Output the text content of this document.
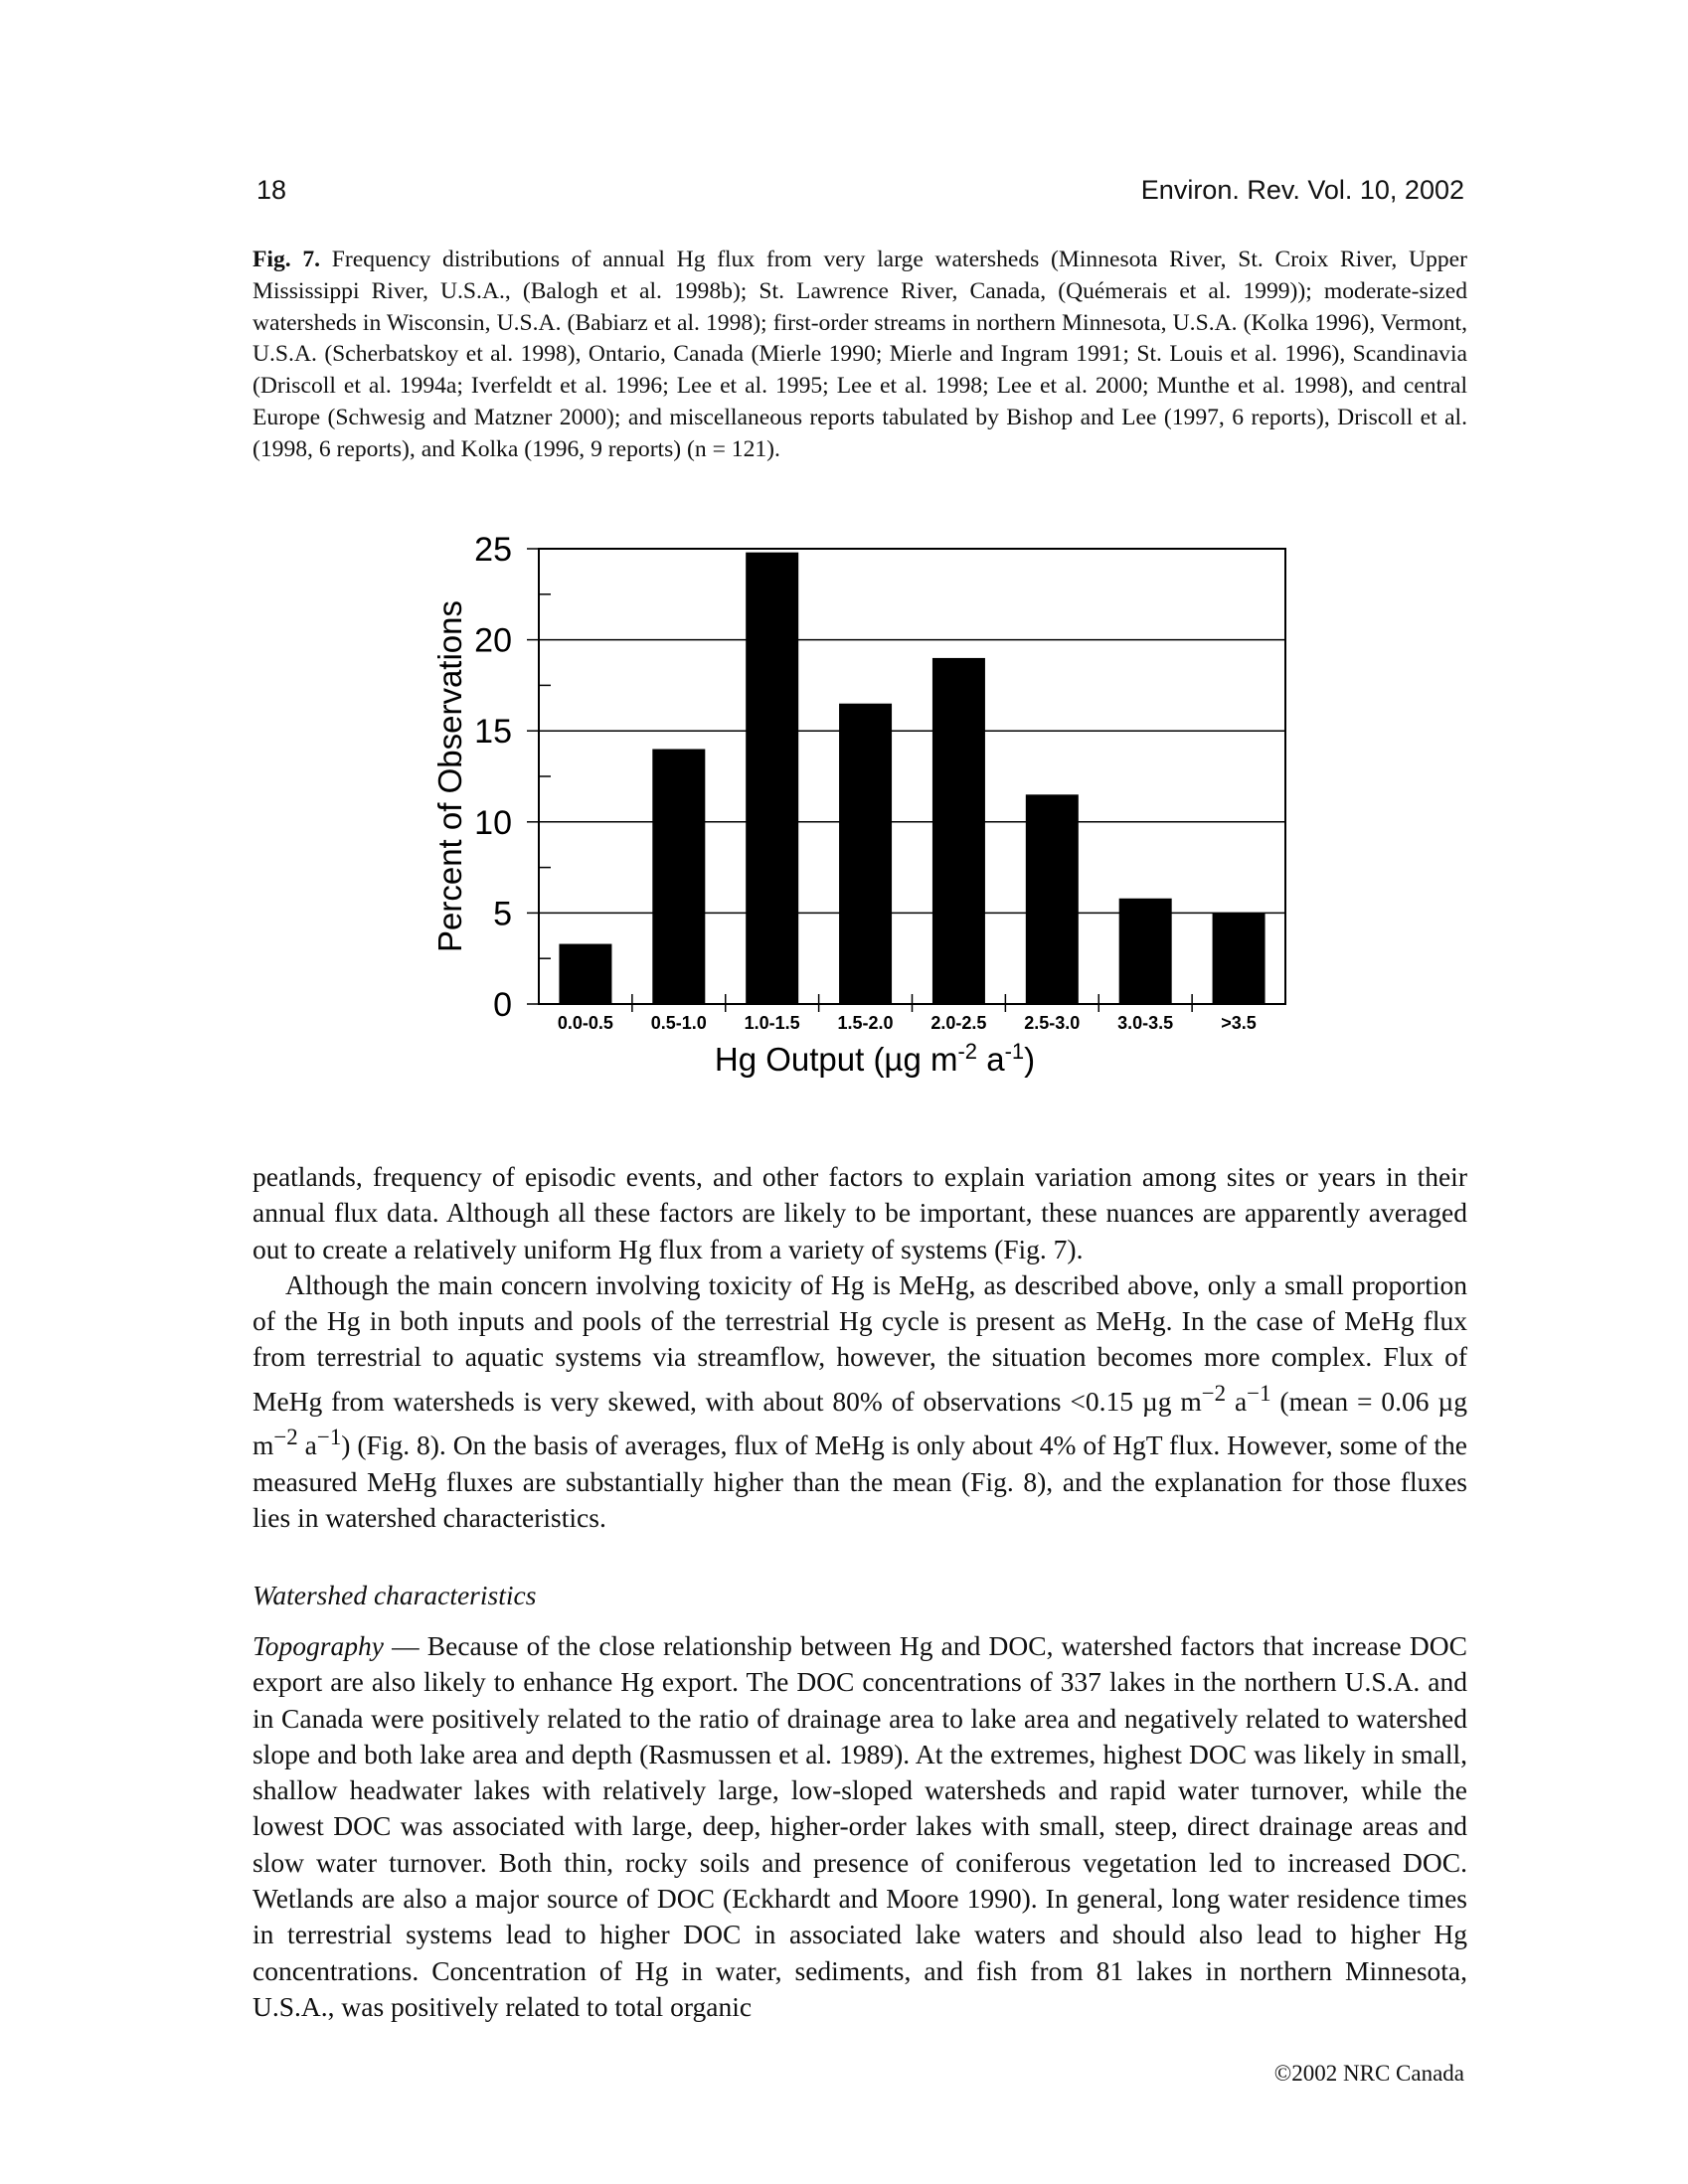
18	Environ. Rev. Vol. 10, 2002
Fig. 7. Frequency distributions of annual Hg flux from very large watersheds (Minnesota River, St. Croix River, Upper Mississippi River, U.S.A., (Balogh et al. 1998b); St. Lawrence River, Canada, (Quémerais et al. 1999)); moderate-sized watersheds in Wisconsin, U.S.A. (Babiarz et al. 1998); first-order streams in northern Minnesota, U.S.A. (Kolka 1996), Vermont, U.S.A. (Scherbatskoy et al. 1998), Ontario, Canada (Mierle 1990; Mierle and Ingram 1991; St. Louis et al. 1996), Scandinavia (Driscoll et al. 1994a; Iverfeldt et al. 1996; Lee et al. 1995; Lee et al. 1998; Lee et al. 2000; Munthe et al. 1998), and central Europe (Schwesig and Matzner 2000); and miscellaneous reports tabulated by Bishop and Lee (1997, 6 reports), Driscoll et al. (1998, 6 reports), and Kolka (1996, 9 reports) (n = 121).
0
5
10
15
20
25
0.0-0.5 0.5-1.0 1.0-1.5 1.5-2.0 2.0-2.5 2.5-3.0 3.0-3.5	>3.5
Percent of Observations
Hg Output (µg $m^{-2}$ $a^{-1}$)

peatlands, frequency of episodic events, and other factors to explain variation among sites or years in their annual flux data. Although all these factors are likely to be important, these nuances are apparently averaged out to create a relatively uniform Hg flux from a variety of systems (Fig. 7).

Although the main concern involving toxicity of Hg is MeHg, as described above, only a small proportion of the Hg in both inputs and pools of the terrestrial Hg cycle is present as MeHg. In the case of MeHg flux from terrestrial to aquatic systems via streamflow, however, the situation becomes more complex. Flux of MeHg from watersheds is very skewed, with about 80% of observations <0.15 µg $m^{-2}$ $a^{-1}$ (mean = 0.06 µg $m^{-2}$ $a^{-1}$) (Fig. 8). On the basis of averages, flux of MeHg is only about 4% of HgT flux. However, some of the measured MeHg fluxes are substantially higher than the mean (Fig. 8), and the explanation for those fluxes lies in watershed characteristics.

Watershed characteristics

Topography — Because of the close relationship between Hg and DOC, watershed factors that increase DOC export are also likely to enhance Hg export. The DOC concentrations of 337 lakes in the northern U.S.A. and in Canada were positively related to the ratio of drainage area to lake area and negatively related to watershed slope and both lake area and depth (Rasmussen et al. 1989). At the extremes, highest DOC was likely in small, shallow headwater lakes with relatively large, low-sloped watersheds and rapid water turnover, while the lowest DOC was associated with large, deep, higher-order lakes with small, steep, direct drainage areas and slow water turnover. Both thin, rocky soils and presence of coniferous vegetation led to increased DOC. Wetlands are also a major source of DOC (Eckhardt and Moore 1990). In general, long water residence times in terrestrial systems lead to higher DOC in associated lake waters and should also lead to higher Hg concentrations. Concentration of Hg in water, sediments, and fish from 81 lakes in northern Minnesota, U.S.A., was positively related to total organic

©2002 NRC Canada
